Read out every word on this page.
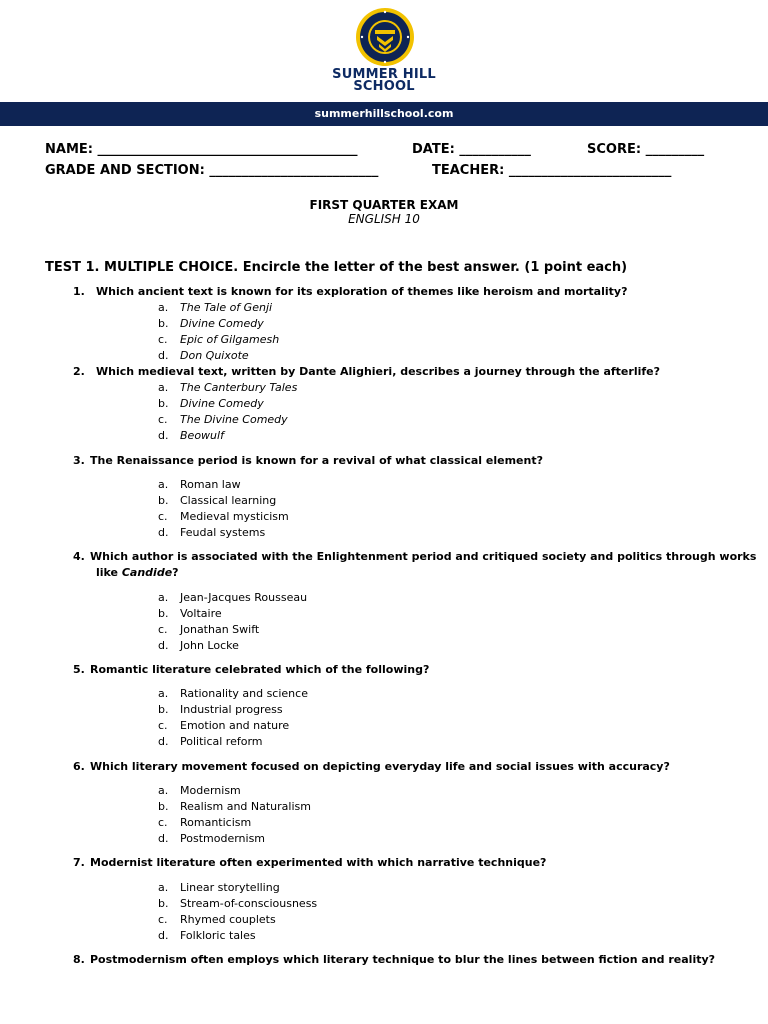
SUMMER HILL
SCHOOL
summerhillschool.com
NAME: ________________________________________	DATE: ___________	SCORE: _________
GRADE AND SECTION: __________________________	TEACHER: _________________________
FIRST QUARTER EXAM
ENGLISH 10
TEST 1. MULTIPLE CHOICE. Encircle the letter of the best answer. (1 point each)
1. Which ancient text is known for its exploration of themes like heroism and mortality?
a. The Tale of Genji
b. Divine Comedy
c. Epic of Gilgamesh
d. Don Quixote
2. Which medieval text, written by Dante Alighieri, describes a journey through the afterlife?
a. The Canterbury Tales
b. Divine Comedy
c. The Divine Comedy
d. Beowulf
3. The Renaissance period is known for a revival of what classical element?
a. Roman law
b. Classical learning
c. Medieval mysticism
d. Feudal systems
4. Which author is associated with the Enlightenment period and critiqued society and politics through works
like Candide?
a. Jean-Jacques Rousseau
b. Voltaire
c. Jonathan Swift
d. John Locke
5. Romantic literature celebrated which of the following?
a. Rationality and science
b. Industrial progress
c. Emotion and nature
d. Political reform
6. Which literary movement focused on depicting everyday life and social issues with accuracy?
a. Modernism
b. Realism and Naturalism
c. Romanticism
d. Postmodernism
7. Modernist literature often experimented with which narrative technique?
a. Linear storytelling
b. Stream-of-consciousness
c. Rhymed couplets
d. Folkloric tales
8. Postmodernism often employs which literary technique to blur the lines between fiction and reality?
